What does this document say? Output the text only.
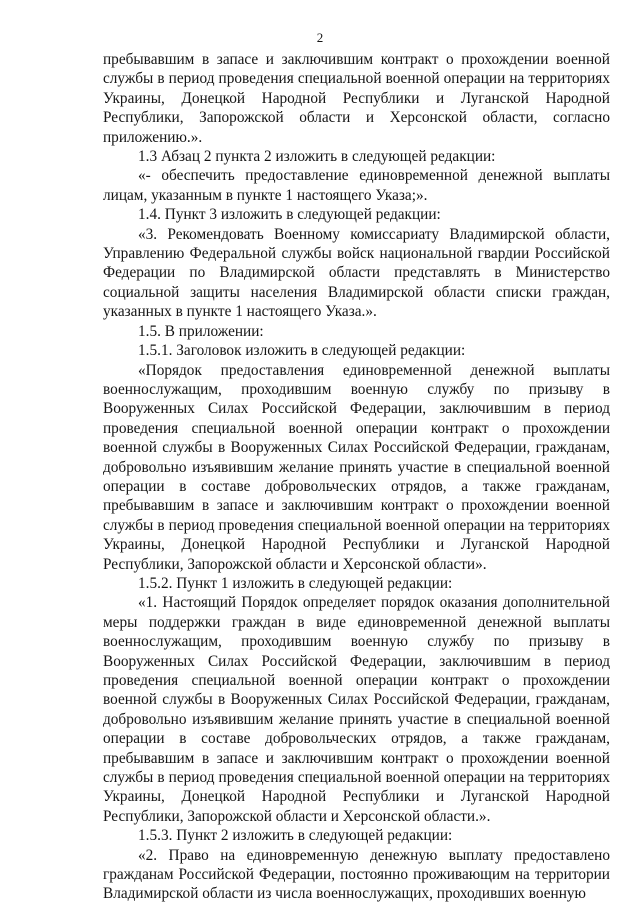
2

пребывавшим в запасе и заключившим контракт о прохождении военной службы в период проведения специальной военной операции на территориях Украины, Донецкой Народной Республики и Луганской Народной Республики, Запорожской области и Херсонской области, согласно приложению.».

1.3 Абзац 2 пункта 2 изложить в следующей редакции:

«- обеспечить предоставление единовременной денежной выплаты лицам, указанным в пункте 1 настоящего Указа;».

1.4. Пункт 3 изложить в следующей редакции:

«3. Рекомендовать Военному комиссариату Владимирской области, Управлению Федеральной службы войск национальной гвардии Российской Федерации по Владимирской области представлять в Министерство социальной защиты населения Владимирской области списки граждан, указанных в пункте 1 настоящего Указа.».

1.5. В приложении:

1.5.1. Заголовок изложить в следующей редакции:

«Порядок предоставления единовременной денежной выплаты военнослужащим, проходившим военную службу по призыву в Вооруженных Силах Российской Федерации, заключившим в период проведения специальной военной операции контракт о прохождении военной службы в Вооруженных Силах Российской Федерации, гражданам, добровольно изъявившим желание принять участие в специальной военной операции в составе добровольческих отрядов, а также гражданам, пребывавшим в запасе и заключившим контракт о прохождении военной службы в период проведения специальной военной операции на территориях Украины, Донецкой Народной Республики и Луганской Народной Республики, Запорожской области и Херсонской области».

1.5.2. Пункт 1 изложить в следующей редакции:

«1. Настоящий Порядок определяет порядок оказания дополнительной меры поддержки граждан в виде единовременной денежной выплаты военнослужащим, проходившим военную службу по призыву в Вооруженных Силах Российской Федерации, заключившим в период проведения специальной военной операции контракт о прохождении военной службы в Вооруженных Силах Российской Федерации, гражданам, добровольно изъявившим желание принять участие в специальной военной операции в составе добровольческих отрядов, а также гражданам, пребывавшим в запасе и заключившим контракт о прохождении военной службы в период проведения специальной военной операции на территориях Украины, Донецкой Народной Республики и Луганской Народной Республики, Запорожской области и Херсонской области.».

1.5.3. Пункт 2 изложить в следующей редакции:

«2. Право на единовременную денежную выплату предоставлено гражданам Российской Федерации, постоянно проживающим на территории Владимирской области из числа военнослужащих, проходивших военную
